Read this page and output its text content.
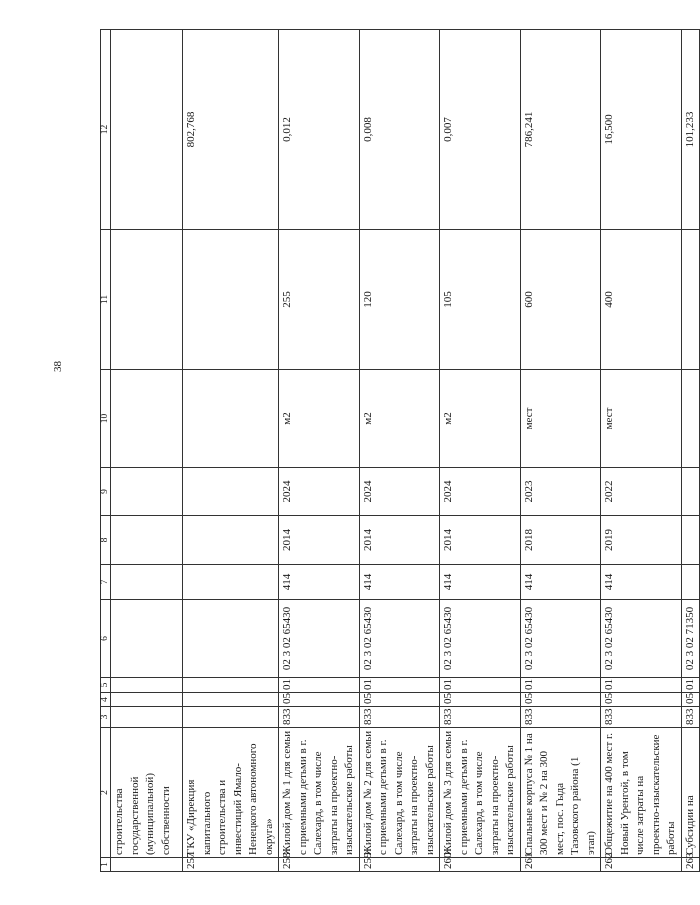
38
1	2	3	4	5	6	7	8	9	10	11	12
	строительства государственной (муниципальной) собственности										
257	ГКУ «Дирекция капитального строительства и инвестиций Ямало-Ненецкого автономного округа»										802,768
258	Жилой дом № 1 для семьи с приемными детьми в г. Салехард, в том числе затраты на проектно-изыскательские работы	833	05	01	02 3 02 65430	414	2014	2024	м2	255	0,012
259	Жилой дом № 2 для семьи с приемными детьми в г. Салехард, в том числе затраты на проектно-изыскательские работы	833	05	01	02 3 02 65430	414	2014	2024	м2	120	0,008
260	Жилой дом № 3 для семьи с приемными детьми в г. Салехард, в том числе затраты на проектно-изыскательские работы	833	05	01	02 3 02 65430	414	2014	2024	м2	105	0,007
261	Спальные корпуса № 1 на 300 мест и № 2 на 300 мест, пос. Гыда Тазовского района (1 этап)	833	05	01	02 3 02 65430	414	2018	2023	мест	600	786,241
262	Общежитие на 400 мест г. Новый Уренгой, в том числе затраты на проектно-изыскательские работы	833	05	01	02 3 02 65430	414	2019	2022	мест	400	16,500
263	Субсидии на	833	05	01	02 3 02 71350						101,233
